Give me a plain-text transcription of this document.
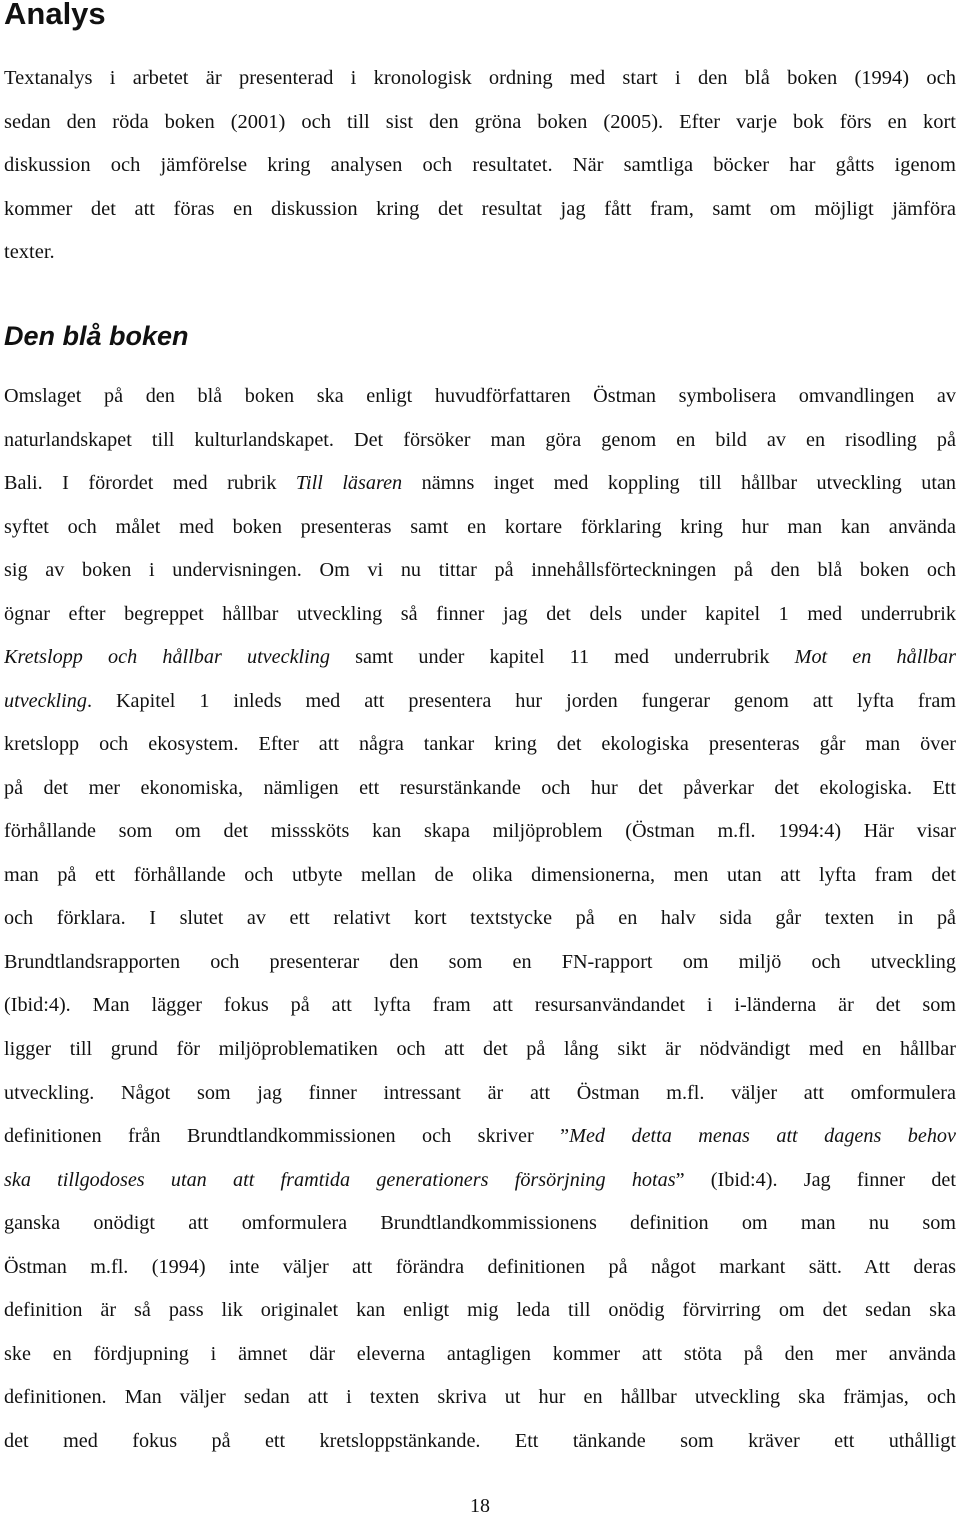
Analys
Textanalys i arbetet är presenterad i kronologisk ordning med start i den blå boken (1994) och
sedan den röda boken (2001) och till sist den gröna boken (2005). Efter varje bok förs en kort
diskussion och jämförelse kring analysen och resultatet. När samtliga böcker har gåtts igenom
kommer det att föras en diskussion kring det resultat jag fått fram, samt om möjligt jämföra
texter.
Den blå boken
Omslaget på den blå boken ska enligt huvudförfattaren Östman symbolisera omvandlingen av
naturlandskapet till kulturlandskapet. Det försöker man göra genom en bild av en risodling på
Bali. I förordet med rubrik Till läsaren nämns inget med koppling till hållbar utveckling utan
syftet och målet med boken presenteras samt en kortare förklaring kring hur man kan använda
sig av boken i undervisningen. Om vi nu tittar på innehållsförteckningen på den blå boken och
ögnar efter begreppet hållbar utveckling så finner jag det dels under kapitel 1 med underrubrik
Kretslopp och hållbar utveckling samt under kapitel 11 med underrubrik Mot en hållbar
utveckling. Kapitel 1 inleds med att presentera hur jorden fungerar genom att lyfta fram
kretslopp och ekosystem. Efter att några tankar kring det ekologiska presenteras går man över
på det mer ekonomiska, nämligen ett resurstänkande och hur det påverkar det ekologiska. Ett
förhållande som om det misssköts kan skapa miljöproblem (Östman m.fl. 1994:4) Här visar
man på ett förhållande och utbyte mellan de olika dimensionerna, men utan att lyfta fram det
och förklara. I slutet av ett relativt kort textstycke på en halv sida går texten in på
Brundtlandsrapporten och presenterar den som en FN-rapport om miljö och utveckling
(Ibid:4). Man lägger fokus på att lyfta fram att resursanvändandet i i-länderna är det som
ligger till grund för miljöproblematiken och att det på lång sikt är nödvändigt med en hållbar
utveckling. Något som jag finner intressant är att Östman m.fl. väljer att omformulera
definitionen från Brundtlandkommissionen och skriver ”Med detta menas att dagens behov
ska tillgodoses utan att framtida generationers försörjning hotas” (Ibid:4). Jag finner det
ganska onödigt att omformulera Brundtlandkommissionens definition om man nu som
Östman m.fl. (1994) inte väljer att förändra definitionen på något markant sätt. Att deras
definition är så pass lik originalet kan enligt mig leda till onödig förvirring om det sedan ska
ske en fördjupning i ämnet där eleverna antagligen kommer att stöta på den mer använda
definitionen. Man väljer sedan att i texten skriva ut hur en hållbar utveckling ska främjas, och
det med fokus på ett kretsloppstänkande. Ett tänkande som kräver ett uthålligt
18
